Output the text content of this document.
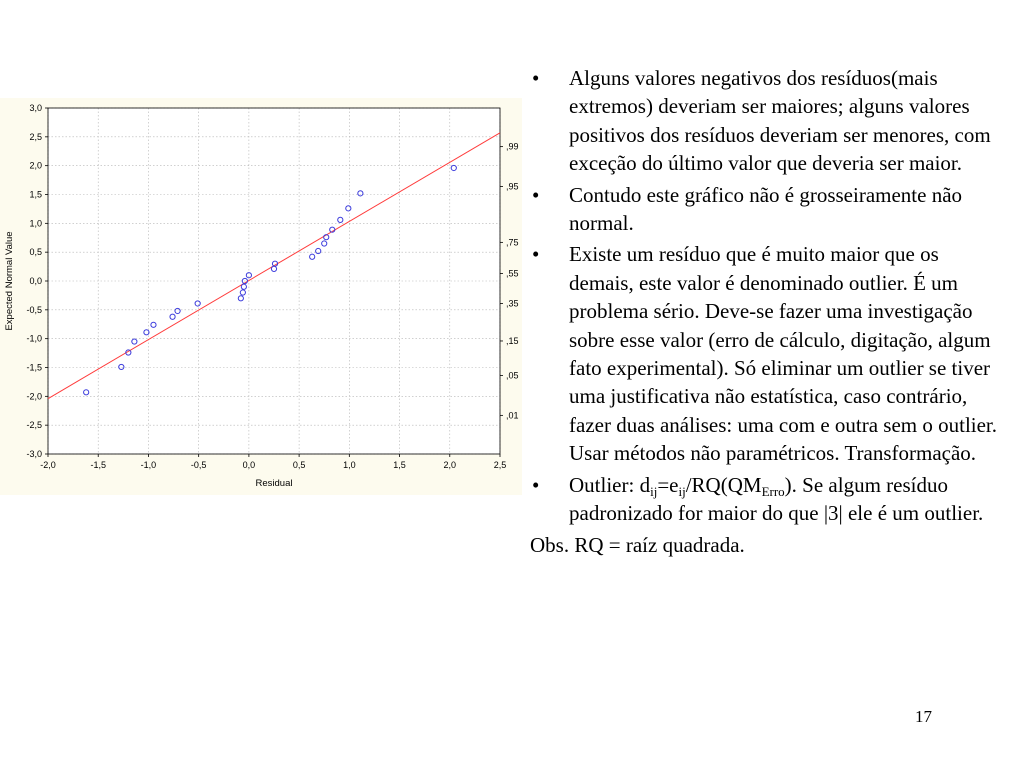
-2,0	-1,5	-1,0	-0,5	0,0	0,5	1,0	1,5	2,0	2,5
3,0
2,5
2,0
1,5
1,0
0,5
0,0
-0,5
-1,0
-1,5
-2,0
-2,5
-3,0
,99
,95
,75
,55
,35
,15
,05
,01
Residual
Expected Normal Value
• Alguns valores negativos dos resíduos(mais extremos) deveriam ser maiores; alguns valores positivos dos resíduos deveriam ser menores, com exceção do último valor que deveria ser maior.
• Contudo este gráfico não é grosseiramente não normal.
• Existe um resíduo que é muito maior que os demais, este valor é denominado outlier. É um problema sério. Deve-se fazer uma investigação sobre esse valor (erro de cálculo, digitação, algum fato experimental). Só eliminar um outlier se tiver uma justificativa não estatística, caso contrário, fazer duas análises: uma com e outra sem o outlier. Usar métodos não paramétricos. Transformação.
• Outlier: $d_{ij}=e_{ij}/RQ(QM_{Erro})$. Se algum resíduo padronizado for maior do que |3| ele é um outlier.
Obs. RQ = raíz quadrada.
17
